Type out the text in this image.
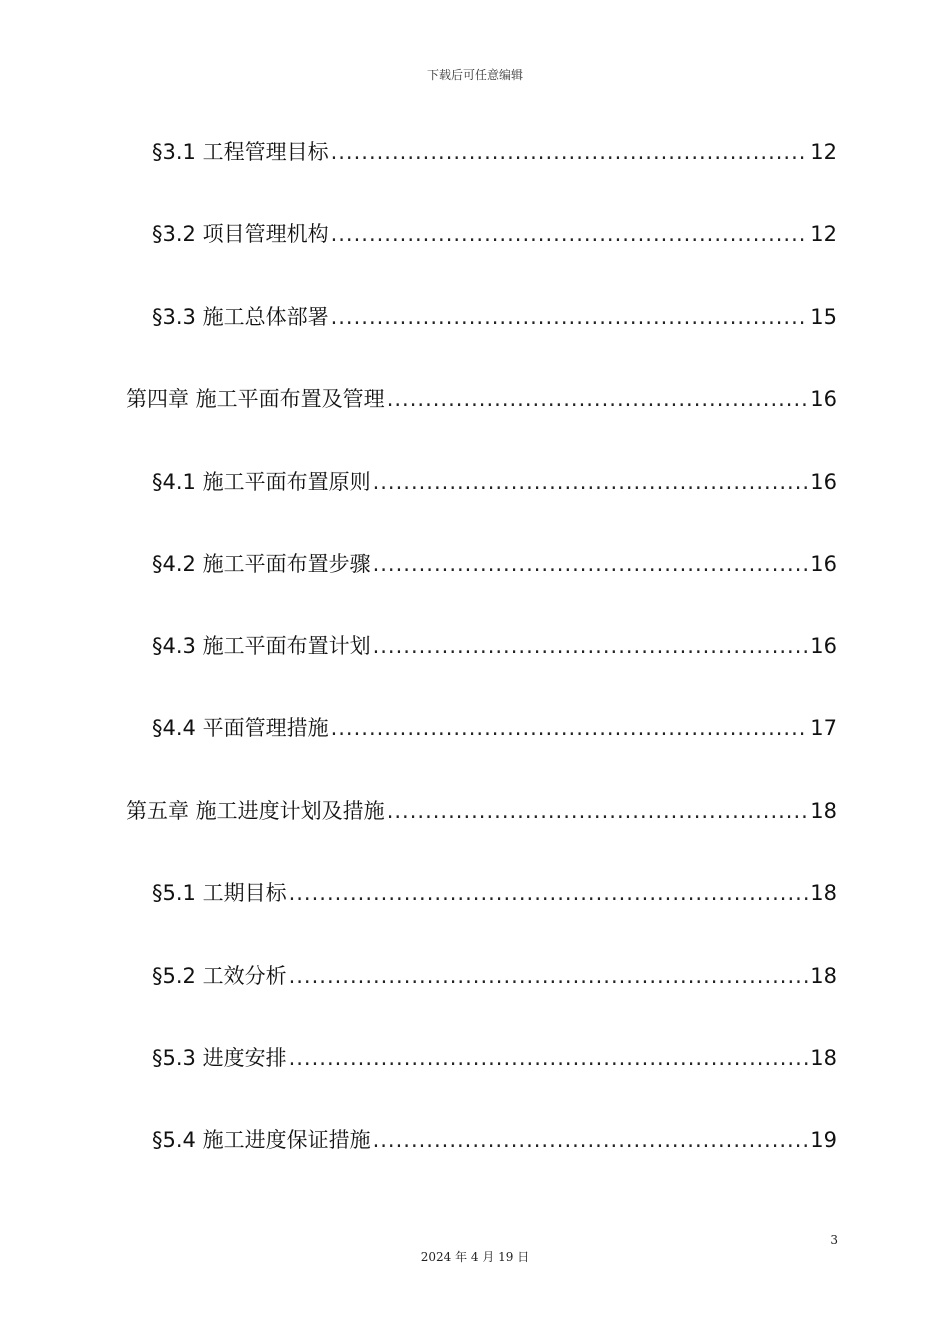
下载后可任意编辑
§3.1 工程管理目标 .....	12
§3.2 项目管理机构 .....	12
§3.3 施工总体部署 .....	15
第四章 施工平面布置及管理 .....	16
§4.1 施工平面布置原则 .....	16
§4.2 施工平面布置步骤 .....	16
§4.3 施工平面布置计划 .....	16
§4.4 平面管理措施 .....	17
第五章 施工进度计划及措施 .....	18
§5.1 工期目标 .....	18
§5.2 工效分析 .....	18
§5.3 进度安排 .....	18
§5.4 施工进度保证措施 .....	19
3
2024 年 4 月 19 日
